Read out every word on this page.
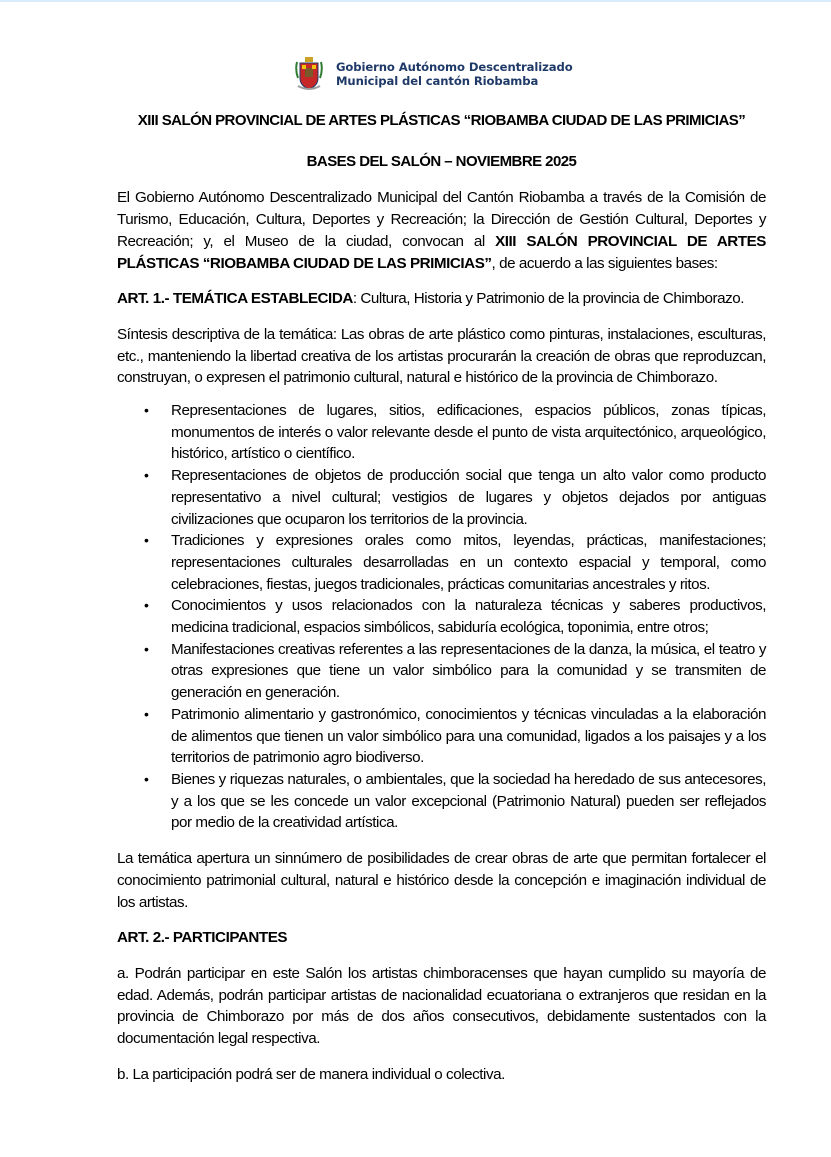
Gobierno Autónomo Descentralizado
Municipal del cantón Riobamba
XIII SALÓN PROVINCIAL DE ARTES PLÁSTICAS “RIOBAMBA CIUDAD DE LAS PRIMICIAS”
BASES DEL SALÓN – NOVIEMBRE 2025

El Gobierno Autónomo Descentralizado Municipal del Cantón Riobamba a través de la Comisión de Turismo, Educación, Cultura, Deportes y Recreación; la Dirección de Gestión Cultural, Deportes y Recreación; y, el Museo de la ciudad, convocan al XIII SALÓN PROVINCIAL DE ARTES PLÁSTICAS “RIOBAMBA CIUDAD DE LAS PRIMICIAS”, de acuerdo a las siguientes bases:

ART. 1.- TEMÁTICA ESTABLECIDA: Cultura, Historia y Patrimonio de la provincia de Chimborazo.

Síntesis descriptiva de la temática: Las obras de arte plástico como pinturas, instalaciones, esculturas, etc., manteniendo la libertad creativa de los artistas procurarán la creación de obras que reproduzcan, construyan, o expresen el patrimonio cultural, natural e histórico de la provincia de Chimborazo.

• Representaciones de lugares, sitios, edificaciones, espacios públicos, zonas típicas, monumentos de interés o valor relevante desde el punto de vista arquitectónico, arqueológico, histórico, artístico o científico.
• Representaciones de objetos de producción social que tenga un alto valor como producto representativo a nivel cultural; vestigios de lugares y objetos dejados por antiguas civilizaciones que ocuparon los territorios de la provincia.
• Tradiciones y expresiones orales como mitos, leyendas, prácticas, manifestaciones; representaciones culturales desarrolladas en un contexto espacial y temporal, como celebraciones, fiestas, juegos tradicionales, prácticas comunitarias ancestrales y ritos.
• Conocimientos y usos relacionados con la naturaleza técnicas y saberes productivos, medicina tradicional, espacios simbólicos, sabiduría ecológica, toponimia, entre otros;
• Manifestaciones creativas referentes a las representaciones de la danza, la música, el teatro y otras expresiones que tiene un valor simbólico para la comunidad y se transmiten de generación en generación.
• Patrimonio alimentario y gastronómico, conocimientos y técnicas vinculadas a la elaboración de alimentos que tienen un valor simbólico para una comunidad, ligados a los paisajes y a los territorios de patrimonio agro biodiverso.
• Bienes y riquezas naturales, o ambientales, que la sociedad ha heredado de sus antecesores, y a los que se les concede un valor excepcional (Patrimonio Natural) pueden ser reflejados por medio de la creatividad artística.

La temática apertura un sinnúmero de posibilidades de crear obras de arte que permitan fortalecer el conocimiento patrimonial cultural, natural e histórico desde la concepción e imaginación individual de los artistas.

ART. 2.- PARTICIPANTES

a. Podrán participar en este Salón los artistas chimboracenses que hayan cumplido su mayoría de edad. Además, podrán participar artistas de nacionalidad ecuatoriana o extranjeros que residan en la provincia de Chimborazo por más de dos años consecutivos, debidamente sustentados con la documentación legal respectiva.

b. La participación podrá ser de manera individual o colectiva.
